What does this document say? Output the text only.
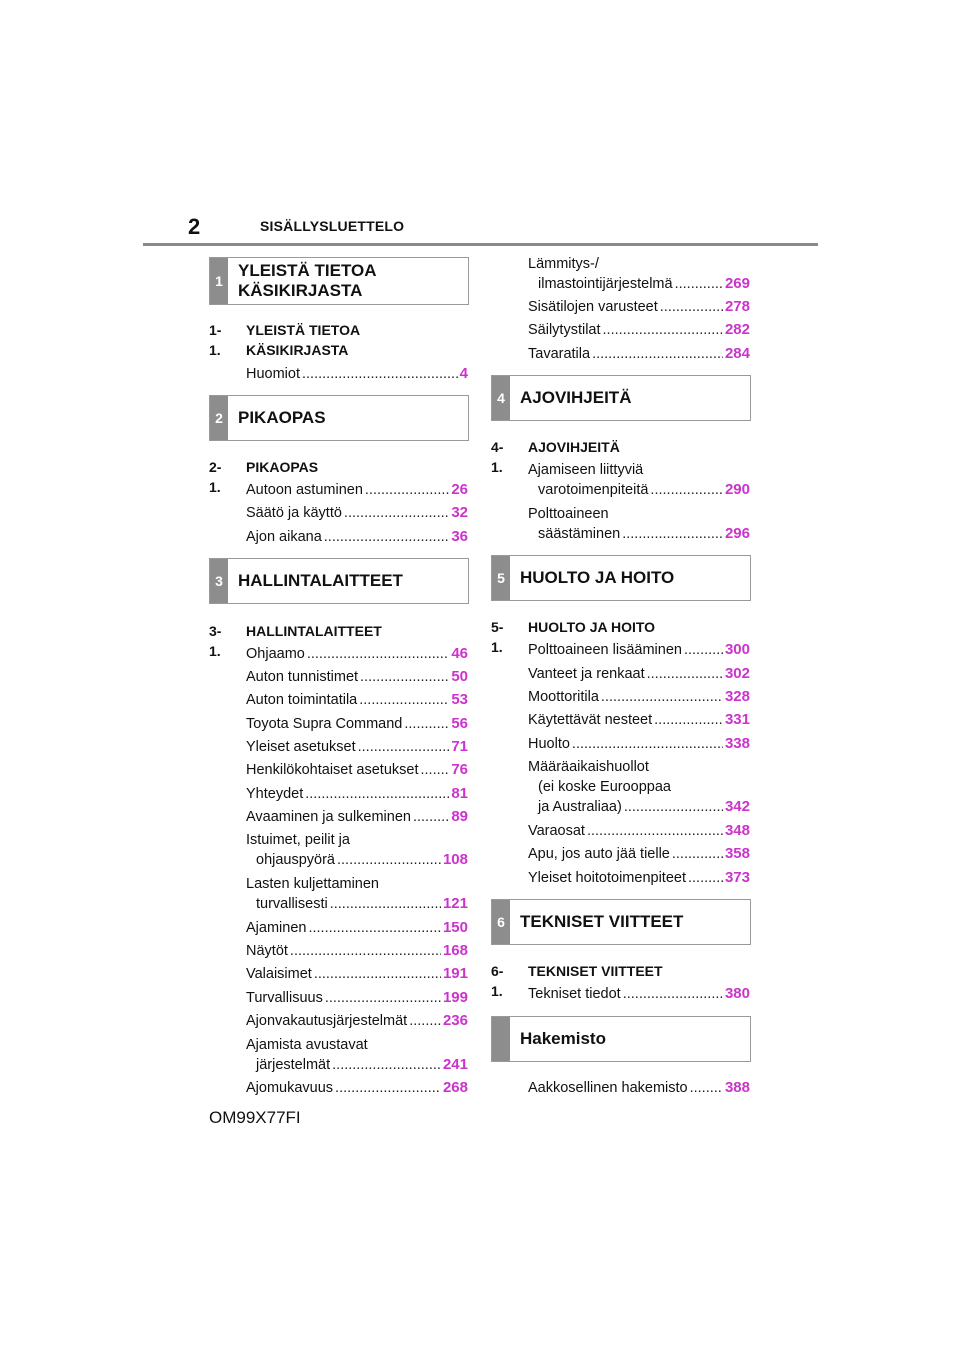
2	SISÄLLYSLUETTELO
1
YLEISTÄ TIETOA
KÄSIKIRJASTA
1-1.
YLEISTÄ TIETOA
KÄSIKIRJASTA
Huomiot .....	4
2 PIKAOPAS
2-1.
PIKAOPAS
Autoon astuminen .....	26
Säätö ja käyttö .....	32
Ajon aikana .....	36
3 HALLINTALAITTEET
3-1.
HALLINTALAITTEET
Ohjaamo .....	46
Auton tunnistimet .....	50
Auton toimintatila .....	53
Toyota Supra Command .....	56
Yleiset asetukset .....	71
Henkilökohtaiset asetukset ..... 76
Yhteydet .....	81
Avaaminen ja sulkeminen .....	89
Istuimet, peilit ja
ohjauspyörä .....	108
Lasten kuljettaminen
turvallisesti .....	121
Ajaminen .....	150
Näytöt .....	168
Valaisimet .....	191
Turvallisuus .....	199
Ajonvakautusjärjestelmät ..... 236
Ajamista avustavat
järjestelmät .....	241
Ajomukavuus .....	268
Lämmitys-/
ilmastointijärjestelmä .....	269
Sisätilojen varusteet .....	278
Säilytystilat .....	282
Tavaratila .....	284
4 AJOVIHJEITÄ
4-1.
AJOVIHJEITÄ
Ajamiseen liittyviä
varotoimenpiteitä .....	290
Polttoaineen
säästäminen .....	296
5 HUOLTO JA HOITO
5-1.
HUOLTO JA HOITO
Polttoaineen lisääminen .....	300
Vanteet ja renkaat .....	302
Moottoritila .....	328
Käytettävät nesteet .....	331
Huolto .....	338
Määräaikaishuollot
(ei koske Eurooppaa
ja Australiaa) .....	342
Varaosat .....	348
Apu, jos auto jää tielle .....	358
Yleiset hoitotoimenpiteet .....	373
6 TEKNISET VIITTEET
6-1.
TEKNISET VIITTEET
Tekniset tiedot .....	380
Hakemisto
Aakkosellinen hakemisto ..... 388
OM99X77FI
